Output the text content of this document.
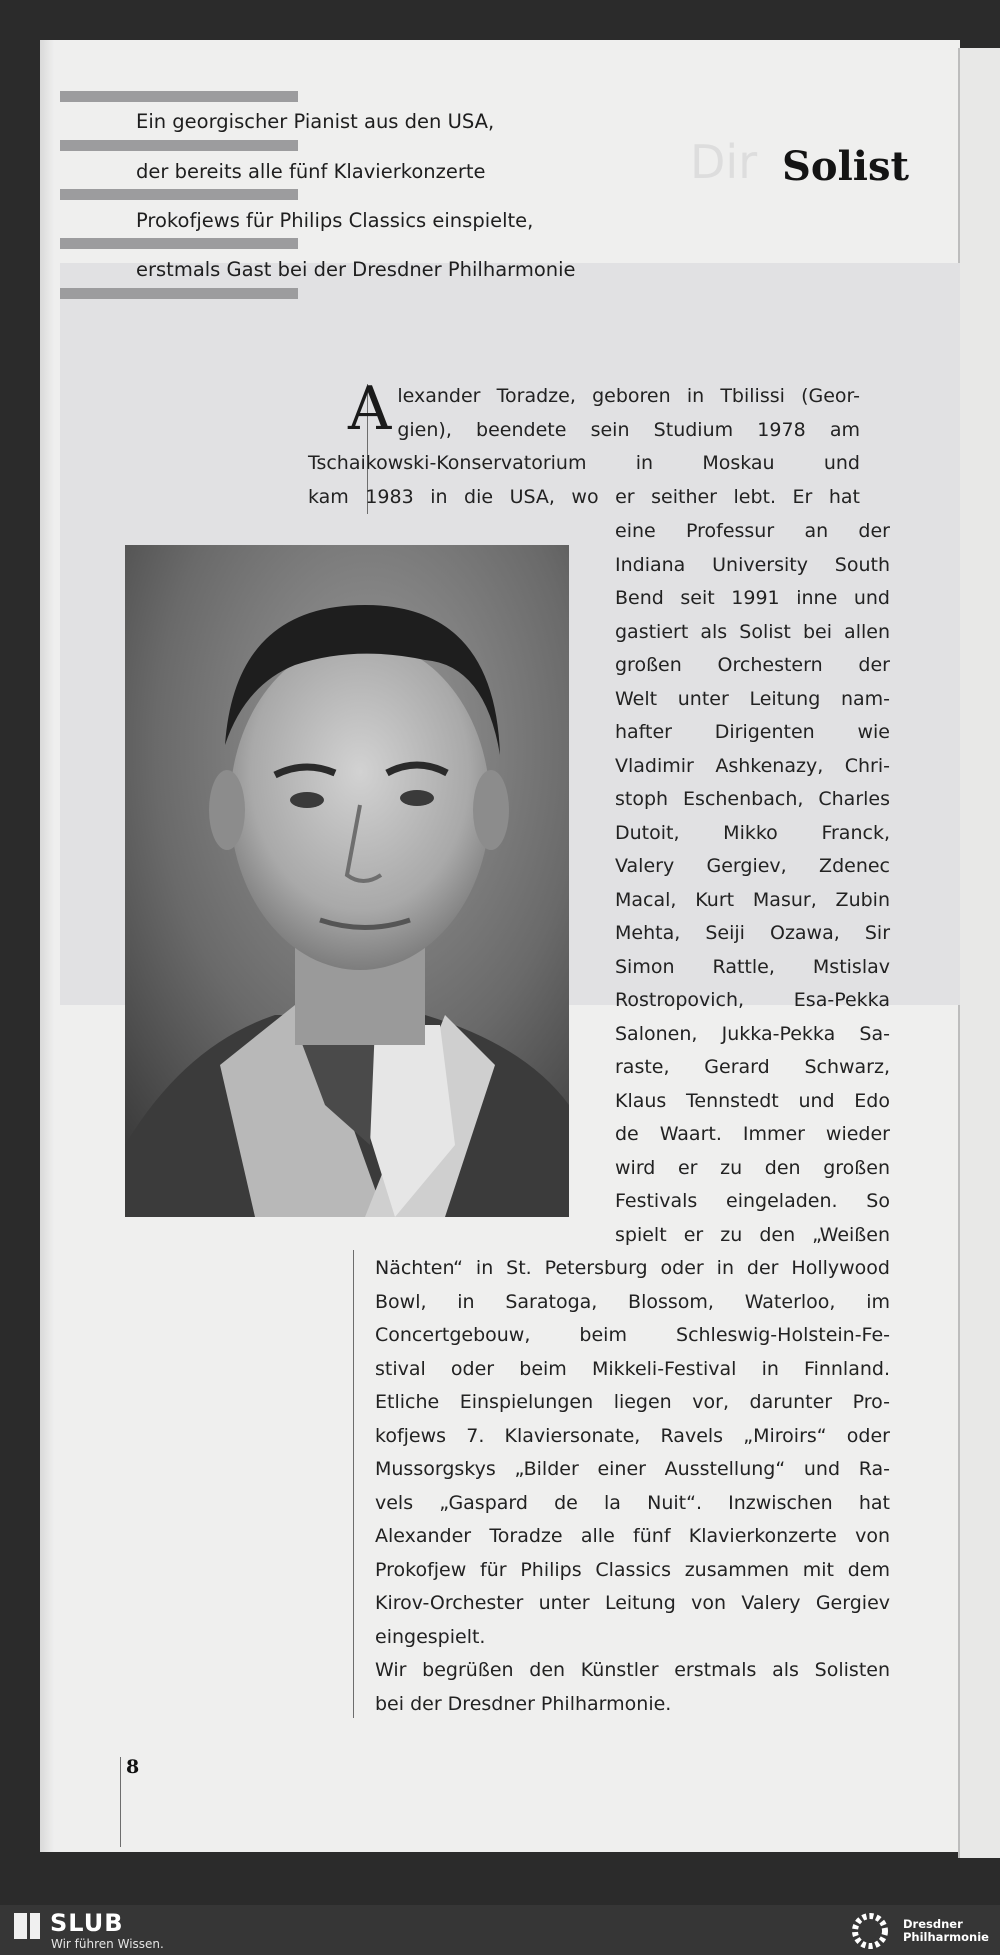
Dir
Ein georgischer Pianist aus den USA,
der bereits alle fünf Klavierkonzerte
Prokofjews für Philips Classics einspielte,
erstmals Gast bei der Dresdner Philharmonie
Solist
A lexander Toradze, geboren in Tbilissi (Geor-

gien), beendete sein Studium 1978 am

Tschaikowski-Konservatorium in Moskau und

kam 1983 in die USA, wo er seither lebt. Er hat

eine Professur an der

Indiana University South

Bend seit 1991 inne und

gastiert als Solist bei allen

großen Orchestern der

Welt unter Leitung nam-

hafter Dirigenten wie

Vladimir Ashkenazy, Chri-

stoph Eschenbach, Charles

Dutoit, Mikko Franck,

Valery Gergiev, Zdenec

Macal, Kurt Masur, Zubin

Mehta, Seiji Ozawa, Sir

Simon Rattle, Mstislav

Rostropovich, Esa-Pekka

Salonen, Jukka-Pekka Sa-

raste, Gerard Schwarz,

Klaus Tennstedt und Edo

de Waart. Immer wieder

wird er zu den großen

Festivals eingeladen. So

spielt er zu den „Weißen

Nächten“ in St. Petersburg oder in der Hollywood

Bowl, in Saratoga, Blossom, Waterloo, im

Concertgebouw, beim Schleswig-Holstein-Fe-

stival oder beim Mikkeli-Festival in Finnland.

Etliche Einspielungen liegen vor, darunter Pro-

kofjews 7. Klaviersonate, Ravels „Miroirs“ oder

Mussorgskys „Bilder einer Ausstellung“ und Ra-

vels „Gaspard de la Nuit“. Inzwischen hat

Alexander Toradze alle fünf Klavierkonzerte von

Prokofjew für Philips Classics zusammen mit dem

Kirov-Orchester unter Leitung von Valery Gergiev

eingespielt.

Wir begrüßen den Künstler erstmals als Solisten

bei der Dresdner Philharmonie.

8
SLUB
Wir führen Wissen.
Dresdner
Philharmonie
